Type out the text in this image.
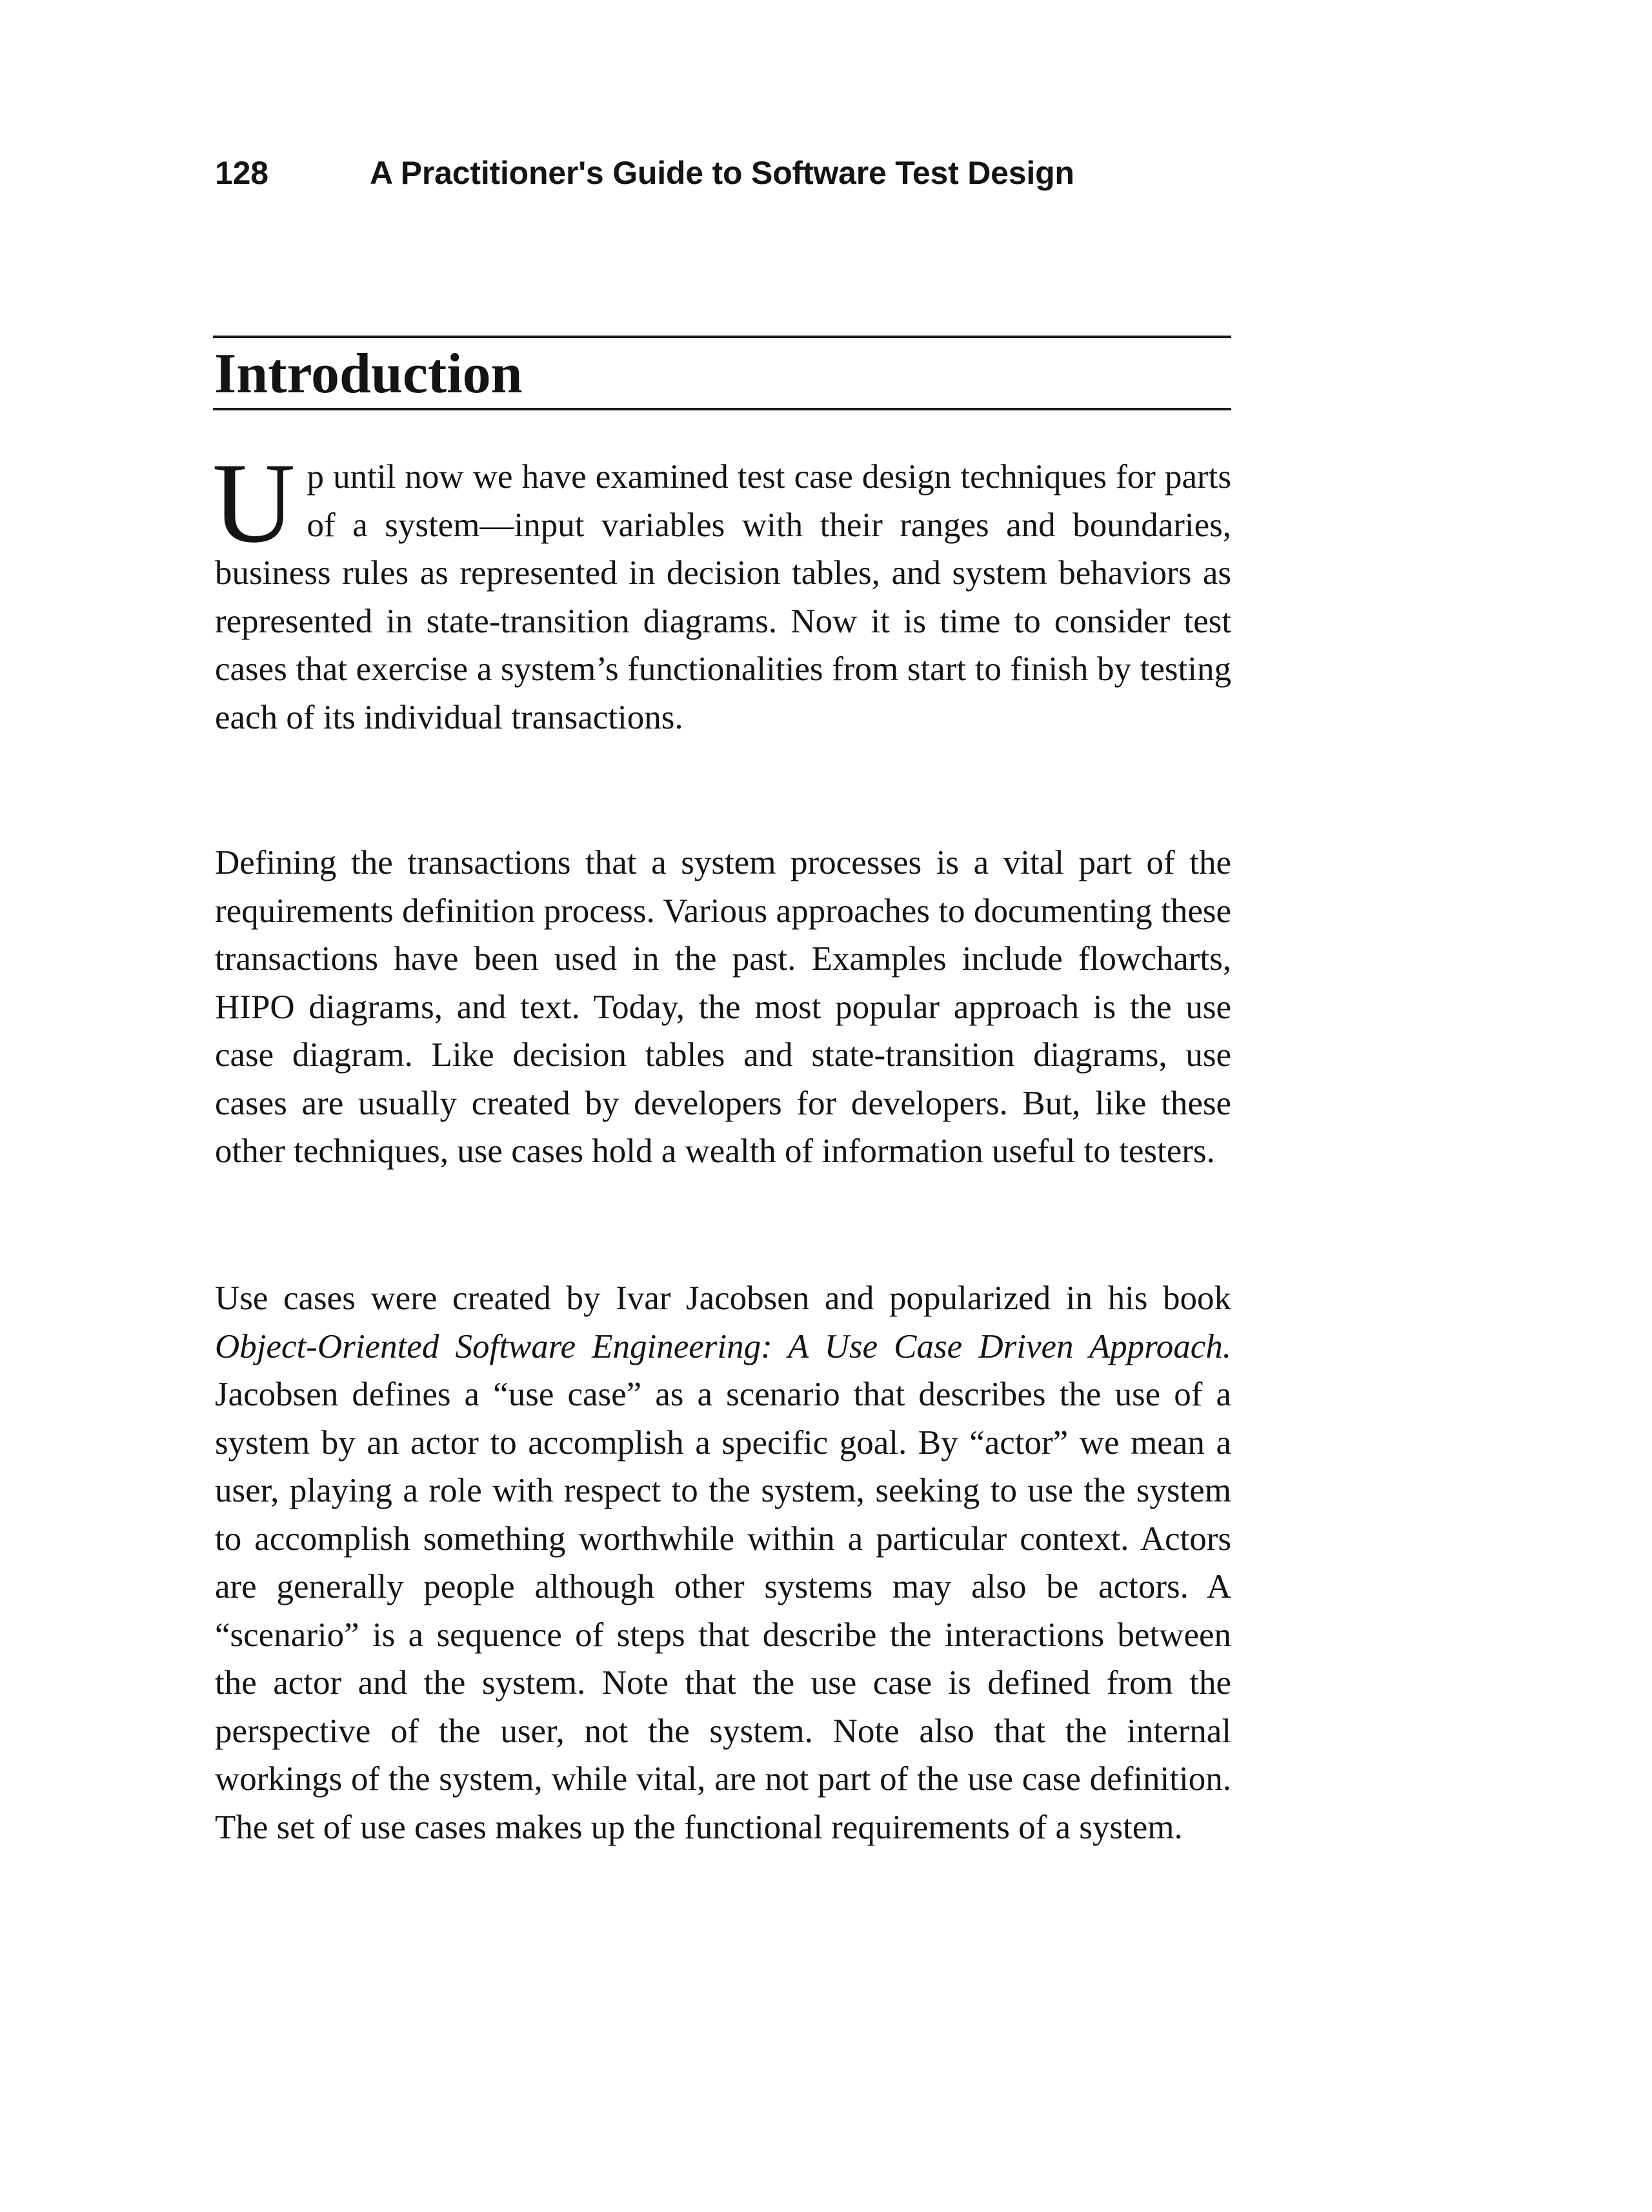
128	A Practitioner's Guide to Software Test Design
Introduction

Up until now we have examined test case design techniques for parts of a system—input variables with their ranges and boundaries, business rules as represented in decision tables, and system behaviors as represented in state-transition diagrams. Now it is time to consider test cases that exercise a system’s functionalities from start to finish by testing each of its individual transactions.

Defining the transactions that a system processes is a vital part of the requirements definition process. Various approaches to documenting these transactions have been used in the past. Examples include flowcharts, HIPO diagrams, and text. Today, the most popular approach is the use case diagram. Like decision tables and state-transition diagrams, use cases are usually created by developers for developers. But, like these other techniques, use cases hold a wealth of information useful to testers.

Use cases were created by Ivar Jacobsen and popularized in his book Object-Oriented Software Engineering: A Use Case Driven Approach. Jacobsen defines a “use case” as a scenario that describes the use of a system by an actor to accomplish a specific goal. By “actor” we mean a user, playing a role with respect to the system, seeking to use the system to accomplish something worthwhile within a particular context. Actors are generally people although other systems may also be actors. A “scenario” is a sequence of steps that describe the interactions between the actor and the system. Note that the use case is defined from the perspective of the user, not the system. Note also that the internal workings of the system, while vital, are not part of the use case definition. The set of use cases makes up the functional requirements of a system.
